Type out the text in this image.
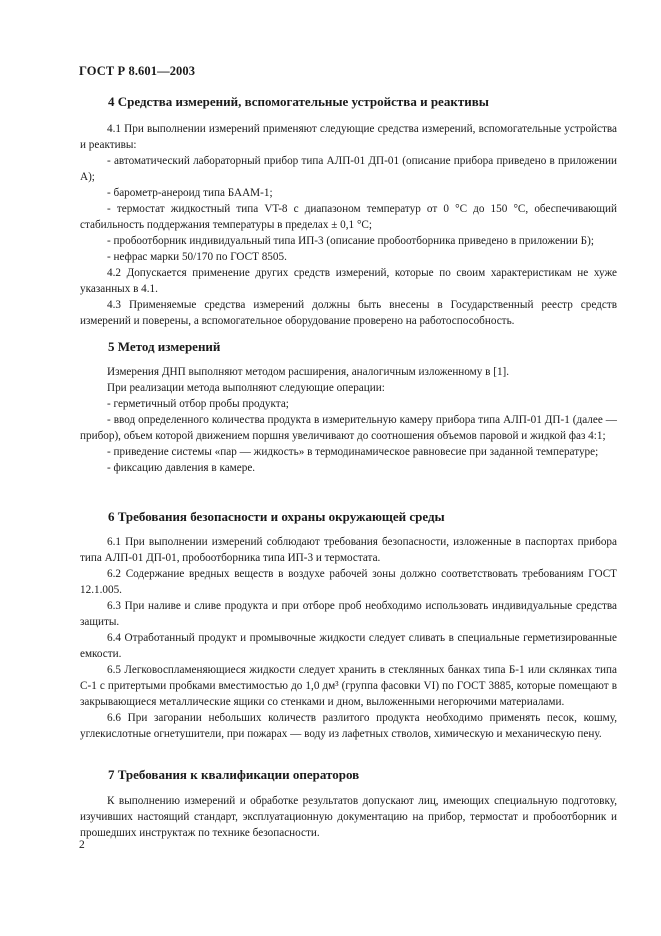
ГОСТ Р 8.601—2003
4 Средства измерений, вспомогательные устройства и реактивы

4.1 При выполнении измерений применяют следующие средства измерений, вспомогательные устройства и реактивы:

- автоматический лабораторный прибор типа АЛП-01 ДП-01 (описание прибора приведено в приложении А);

- барометр-анероид типа БААМ-1;

- термостат жидкостный типа VT-8 с диапазоном температур от 0 °С до 150 °С, обеспечивающий стабильность поддержания температуры в пределах ± 0,1 °С;

- пробоотборник индивидуальный типа ИП-3 (описание пробоотборника приведено в приложении Б);

- нефрас марки 50/170 по ГОСТ 8505.

4.2 Допускается применение других средств измерений, которые по своим характеристикам не хуже указанных в 4.1.

4.3 Применяемые средства измерений должны быть внесены в Государственный реестр средств измерений и поверены, а вспомогательное оборудование проверено на работоспособность.

5 Метод измерений

Измерения ДНП выполняют методом расширения, аналогичным изложенному в [1].

При реализации метода выполняют следующие операции:

- герметичный отбор пробы продукта;

- ввод определенного количества продукта в измерительную камеру прибора типа АЛП-01 ДП-1 (далее — прибор), объем которой движением поршня увеличивают до соотношения объемов паровой и жидкой фаз 4:1;

- приведение системы «пар — жидкость» в термодинамическое равновесие при заданной температуре;

- фиксацию давления в камере.

6 Требования безопасности и охраны окружающей среды

6.1 При выполнении измерений соблюдают требования безопасности, изложенные в паспортах прибора типа АЛП-01 ДП-01, пробоотборника типа ИП-3 и термостата.

6.2 Содержание вредных веществ в воздухе рабочей зоны должно соответствовать требованиям ГОСТ 12.1.005.

6.3 При наливе и сливе продукта и при отборе проб необходимо использовать индивидуальные средства защиты.

6.4 Отработанный продукт и промывочные жидкости следует сливать в специальные герметизированные емкости.

6.5 Легковоспламеняющиеся жидкости следует хранить в стеклянных банках типа Б-1 или склянках типа С-1 с притертыми пробками вместимостью до 1,0 дм³ (группа фасовки VI) по ГОСТ 3885, которые помещают в закрывающиеся металлические ящики со стенками и дном, выложенными негорючими материалами.

6.6 При загорании небольших количеств разлитого продукта необходимо применять песок, кошму, углекислотные огнетушители, при пожарах — воду из лафетных стволов, химическую и механическую пену.

7 Требования к квалификации операторов

К выполнению измерений и обработке результатов допускают лиц, имеющих специальную подготовку, изучивших настоящий стандарт, эксплуатационную документацию на прибор, термостат и пробоотборник и прошедших инструктаж по технике безопасности.

2
